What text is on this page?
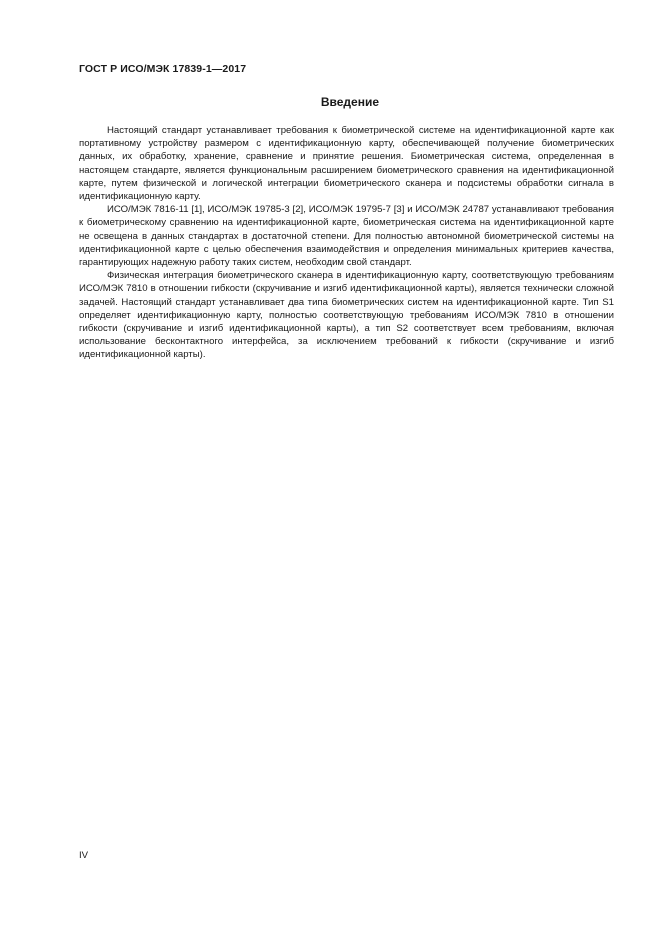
ГОСТ Р ИСО/МЭК 17839-1—2017
Введение

Настоящий стандарт устанавливает требования к биометрической системе на идентификационной карте как портативному устройству размером с идентификационную карту, обеспечивающей получение биометрических данных, их обработку, хранение, сравнение и принятие решения. Биометрическая система, определенная в настоящем стандарте, является функциональным расширением биометрического сравнения на идентификационной карте, путем физической и логической интеграции биометрического сканера и подсистемы обработки сигнала в идентификационную карту.

ИСО/МЭК 7816-11 [1], ИСО/МЭК 19785-3 [2], ИСО/МЭК 19795-7 [3] и ИСО/МЭК 24787 устанавливают требования к биометрическому сравнению на идентификационной карте, биометрическая система на идентификационной карте не освещена в данных стандартах в достаточной степени. Для полностью автономной биометрической системы на идентификационной карте с целью обеспечения взаимодействия и определения минимальных критериев качества, гарантирующих надежную работу таких систем, необходим свой стандарт.

Физическая интеграция биометрического сканера в идентификационную карту, соответствующую требованиям ИСО/МЭК 7810 в отношении гибкости (скручивание и изгиб идентификационной карты), является технически сложной задачей. Настоящий стандарт устанавливает два типа биометрических систем на идентификационной карте. Тип S1 определяет идентификационную карту, полностью соответствующую требованиям ИСО/МЭК 7810 в отношении гибкости (скручивание и изгиб идентификационной карты), а тип S2 соответствует всем требованиям, включая использование бесконтактного интерфейса, за исключением требований к гибкости (скручивание и изгиб идентификационной карты).

IV
